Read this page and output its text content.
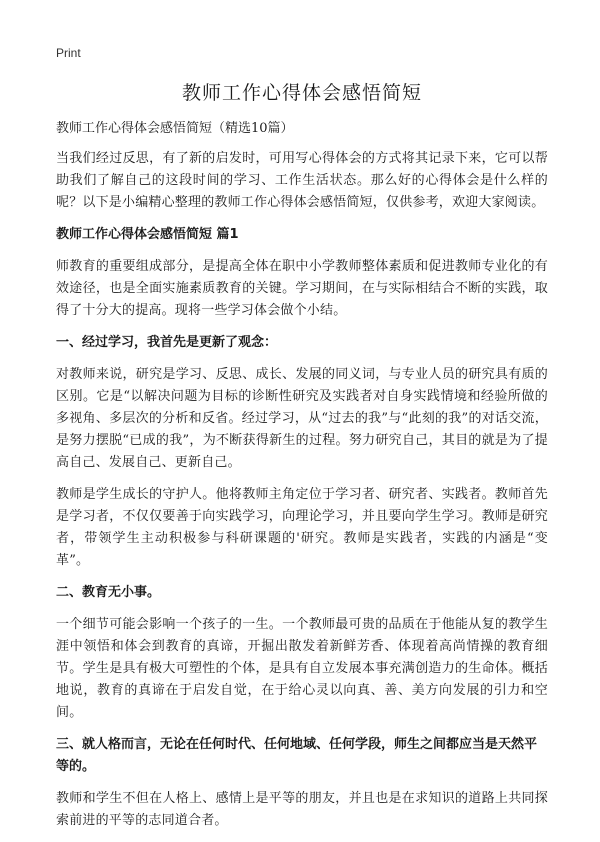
Print
教师工作心得体会感悟简短
教师工作心得体会感悟简短（精选10篇）

当我们经过反思，有了新的启发时，可用写心得体会的方式将其记录下来，它可以帮助我们了解自己的这段时间的学习、工作生活状态。那么好的心得体会是什么样的呢？以下是小编精心整理的教师工作心得体会感悟简短，仅供参考，欢迎大家阅读。

教师工作心得体会感悟简短 篇1

师教育的重要组成部分，是提高全体在职中小学教师整体素质和促进教师专业化的有效途径，也是全面实施素质教育的关键。学习期间，在与实际相结合不断的实践，取得了十分大的提高。现将一些学习体会做个小结。

一、经过学习，我首先是更新了观念：

对教师来说，研究是学习、反思、成长、发展的同义词，与专业人员的研究具有质的区别。它是“以解决问题为目标的诊断性研究及实践者对自身实践情境和经验所做的多视角、多层次的分析和反省。经过学习，从“过去的我”与“此刻的我”的对话交流，是努力摆脱“已成的我”，为不断获得新生的过程。努力研究自己，其目的就是为了提高自己、发展自己、更新自己。

教师是学生成长的守护人。他将教师主角定位于学习者、研究者、实践者。教师首先是学习者，不仅仅要善于向实践学习，向理论学习，并且要向学生学习。教师是研究者，带领学生主动积极参与科研课题的'研究。教师是实践者，实践的内涵是“变革”。

二、教育无小事。

一个细节可能会影响一个孩子的一生。一个教师最可贵的品质在于他能从复的教学生涯中领悟和体会到教育的真谛，开掘出散发着新鲜芳香、体现着高尚情操的教育细节。学生是具有极大可塑性的个体，是具有自立发展本事充满创造力的生命体。概括地说，教育的真谛在于启发自觉，在于给心灵以向真、善、美方向发展的引力和空间。

三、就人格而言，无论在任何时代、任何地域、任何学段，师生之间都应当是天然平等的。

教师和学生不但在人格上、感情上是平等的朋友，并且也是在求知识的道路上共同探索前进的平等的志同道合者。
